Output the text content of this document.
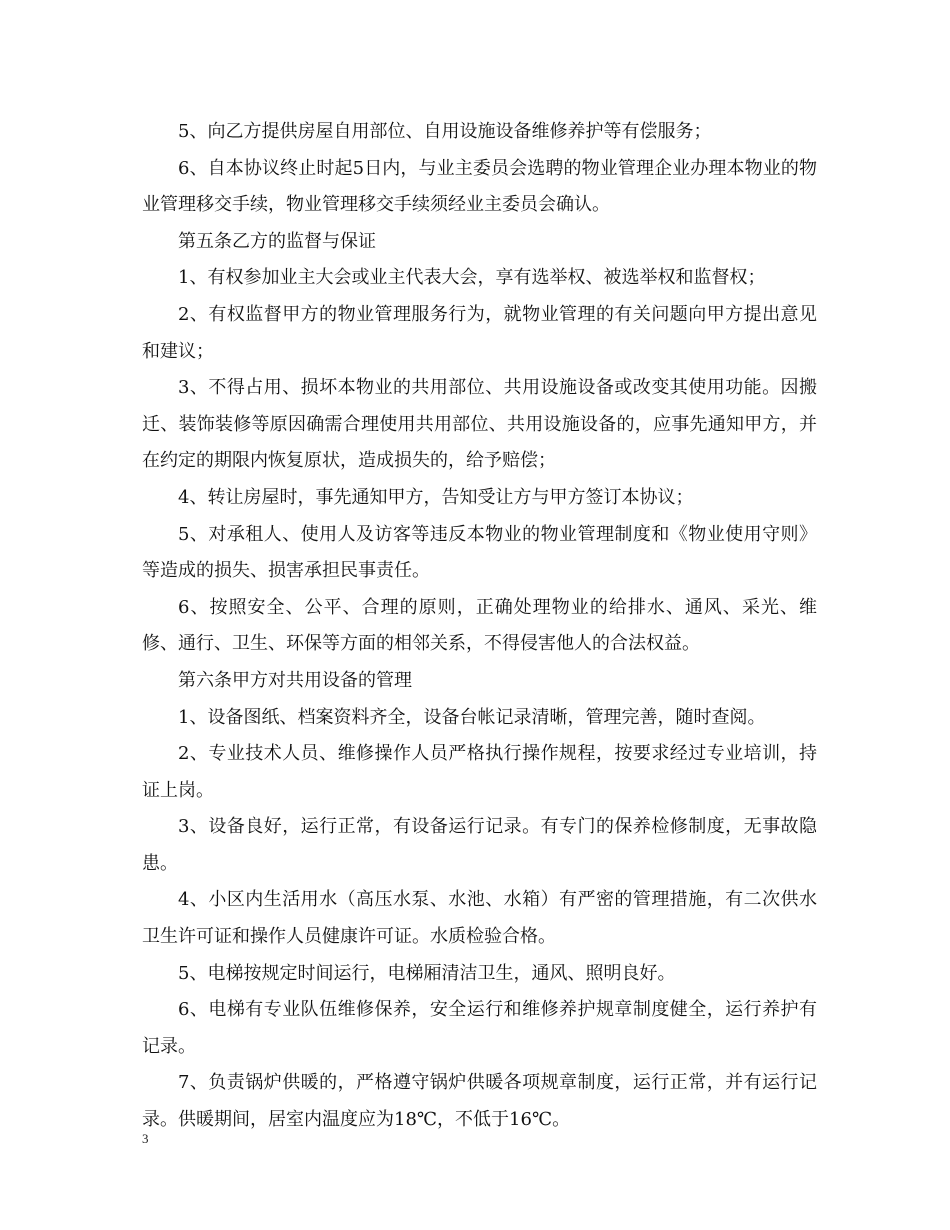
5、向乙方提供房屋自用部位、自用设施设备维修养护等有偿服务；

6、自本协议终止时起5日内，与业主委员会选聘的物业管理企业办理本物业的物业管理移交手续，物业管理移交手续须经业主委员会确认。

第五条乙方的监督与保证

1、有权参加业主大会或业主代表大会，享有选举权、被选举权和监督权；

2、有权监督甲方的物业管理服务行为，就物业管理的有关问题向甲方提出意见和建议；

3、不得占用、损坏本物业的共用部位、共用设施设备或改变其使用功能。因搬迁、装饰装修等原因确需合理使用共用部位、共用设施设备的，应事先通知甲方，并在约定的期限内恢复原状，造成损失的，给予赔偿；

4、转让房屋时，事先通知甲方，告知受让方与甲方签订本协议；

5、对承租人、使用人及访客等违反本物业的物业管理制度和《物业使用守则》等造成的损失、损害承担民事责任。

6、按照安全、公平、合理的原则，正确处理物业的给排水、通风、采光、维修、通行、卫生、环保等方面的相邻关系，不得侵害他人的合法权益。

第六条甲方对共用设备的管理

1、设备图纸、档案资料齐全，设备台帐记录清晰，管理完善，随时查阅。

2、专业技术人员、维修操作人员严格执行操作规程，按要求经过专业培训，持证上岗。

3、设备良好，运行正常，有设备运行记录。有专门的保养检修制度，无事故隐患。

4、小区内生活用水（高压水泵、水池、水箱）有严密的管理措施，有二次供水卫生许可证和操作人员健康许可证。水质检验合格。

5、电梯按规定时间运行，电梯厢清洁卫生，通风、照明良好。

6、电梯有专业队伍维修保养，安全运行和维修养护规章制度健全，运行养护有记录。

7、负责锅炉供暖的，严格遵守锅炉供暖各项规章制度，运行正常，并有运行记录。供暖期间，居室内温度应为18℃，不低于16℃。

3
